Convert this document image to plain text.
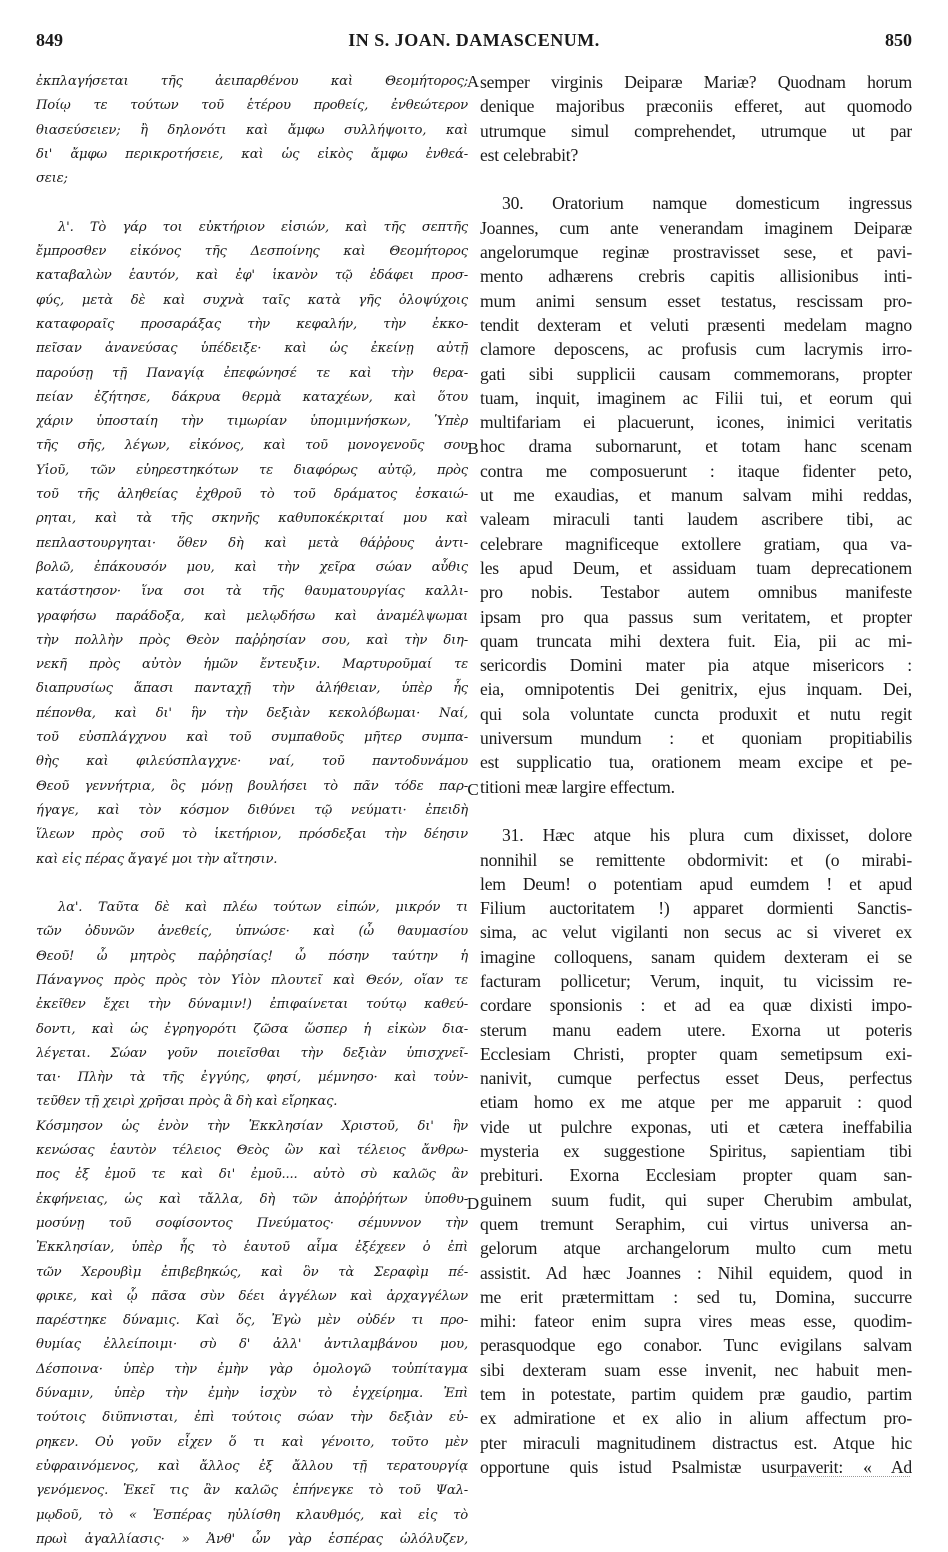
849	IN S. JOAN. DAMASCENUM.	850
ἐκπλαγήσεται τῆς ἀειπαρθένου καὶ Θεομήτορος;
Ποίῳ τε τούτων τοῦ ἑτέρου προθείς, ἐνθεώτερον
θιασεύσειεν; ἢ δηλονότι καὶ ἄμφω συλλήψοιτο, καὶ
δι' ἄμφω περικροτήσειε, καὶ ὡς εἰκὸς ἄμφω ἐνθεά-
σειε;
λ'. Τὸ γάρ τοι εὐκτήριον εἰσιών, καὶ τῆς σεπτῆς
ἔμπροσθεν εἰκόνος τῆς Δεσποίνης καὶ Θεομήτορος
καταβαλὼν ἑαυτόν, καὶ ἐφ' ἱκανὸν τῷ ἐδάφει προσ-
φύς, μετὰ δὲ καὶ συχνὰ ταῖς κατὰ γῆς ὁλοψύχοις
καταφοραῖς προσαράξας τὴν κεφαλήν, τὴν ἐκκο-
πεῖσαν ἀνανεύσας ὑπέδειξε· καὶ ὡς ἐκείνῃ αὐτῇ
παρούσῃ τῇ Παναγίᾳ ἐπεφώνησέ τε καὶ τὴν θερα-
πείαν ἐζήτησε, δάκρυα θερμὰ καταχέων, καὶ ὅτου
χάριν ὑποσταίη τὴν τιμωρίαν ὑπομιμνήσκων, Ὑπὲρ
τῆς σῆς, λέγων, εἰκόνος, καὶ τοῦ μονογενοῦς σου
Υἱοῦ, τῶν εὐηρεστηκότων τε διαφόρως αὐτῷ, πρὸς
τοῦ τῆς ἀληθείας ἐχθροῦ τὸ τοῦ δράματος ἐσκαιώ-
ρηται, καὶ τὰ τῆς σκηνῆς καθυποκέκριταί μου καὶ
πεπλαστουργηται· ὅθεν δὴ καὶ μετὰ θάῤῥους ἀντι-
βολῶ, ἐπάκουσόν μου, καὶ τὴν χεῖρα σώαν αὖθις
κατάστησον· ἵνα σοι τὰ τῆς θαυματουργίας καλλι-
γραφήσω παράδοξα, καὶ μελῳδήσω καὶ ἀναμέλψωμαι
τὴν πολλὴν πρὸς Θεὸν παῤῥησίαν σου, καὶ τὴν διη-
νεκῆ πρὸς αὐτὸν ἡμῶν ἔντευξιν. Μαρτυροῦμαί τε
διαπρυσίως ἅπασι πανταχῇ τὴν ἀλήθειαν, ὑπὲρ ἧς
πέπονθα, καὶ δι' ἣν τὴν δεξιὰν κεκολόβωμαι· Ναί,
τοῦ εὐσπλάγχνου καὶ τοῦ συμπαθοῦς μῆτερ συμπα-
θὴς καὶ φιλεύσπλαγχνε· ναί, τοῦ παντοδυνάμου
Θεοῦ γεννήτρια, ὃς μόνῃ βουλήσει τὸ πᾶν τόδε παρ-
ήγαγε, καὶ τὸν κόσμον διθύνει τῷ νεύματι· ἐπειδὴ
ἵλεων πρὸς σοῦ τὸ ἱκετήριον, πρόσδεξαι τὴν δέησιν
καὶ εἰς πέρας ἄγαγέ μοι τὴν αἴτησιν.
λα'. Ταῦτα δὲ καὶ πλέω τούτων εἰπών, μικρόν τι
τῶν ὀδυνῶν ἀνεθείς, ὑπνώσε· καὶ (ὦ θαυμασίου
Θεοῦ! ὦ μητρὸς παῤῥησίας! ὦ πόσην ταύτην ἡ
Πάναγνος πρὸς πρὸς τὸν Υἱὸν πλουτεῖ καὶ Θεόν, οἵαν τε
ἐκεῖθεν ἔχει τὴν δύναμιν!) ἐπιφαίνεται τούτῳ καθεύ-
δοντι, καὶ ὡς ἐγρηγορότι ζῶσα ὥσπερ ἡ εἰκὼν δια-
λέγεται. Σώαν γοῦν ποιεῖσθαι τὴν δεξιὰν ὑπισχνεῖ-
ται· Πλὴν τὰ τῆς ἐγγύης, φησί, μέμνησο· καὶ τοὐν-
τεῦθεν τῇ χειρὶ χρῆσαι πρὸς ἃ δὴ καὶ εἴρηκας.
Κόσμησον ὡς ἐνὸν τὴν Ἐκκλησίαν Χριστοῦ, δι' ἣν
κενώσας ἑαυτὸν τέλειος Θεὸς ὢν καὶ τέλειος ἄνθρω-
πος ἐξ ἐμοῦ τε καὶ δι' ἐμοῦ.... αὐτὸ σὺ καλῶς ἂν
ἐκφήνειας, ὡς καὶ τἄλλα, δὴ τῶν ἀποῤῥήτων ὑποθυ-
μοσύνῃ τοῦ σοφίσοντος Πνεύματος· σέμυννον τὴν
Ἐκκλησίαν, ὑπὲρ ἧς τὸ ἑαυτοῦ αἷμα ἐξέχεεν ὁ ἐπὶ
τῶν Χερουβὶμ ἐπιβεβηκώς, καὶ ὃν τὰ Σεραφὶμ πέ-
φρικε, καὶ ᾧ πᾶσα σὺν δέει ἀγγέλων καὶ ἀρχαγγέλων
παρέστηκε δύναμις. Καὶ ὅς, Ἐγὼ μὲν οὐδέν τι προ-
θυμίας ἐλλείποιμι· σὺ δ' ἀλλ' ἀντιλαμβάνου μου,
Δέσποινα· ὑπὲρ τὴν ἐμὴν γὰρ ὁμολογῶ τοὐπίταγμα
δύναμιν, ὑπὲρ τὴν ἐμὴν ἰσχὺν τὸ ἐγχείρημα. Ἐπὶ
τούτοις διϋπνισται, ἐπὶ τούτοις σώαν τὴν δεξιὰν εὑ-
ρηκεν. Οὐ γοῦν εἶχεν ὅ τι καὶ γένοιτο, τοῦτο μὲν
εὐφραινόμενος, καὶ ἄλλος ἐξ ἄλλου τῇ τερατουργίᾳ
γενόμενος. Ἐκεῖ τις ἂν καλῶς ἐπήνεγκε τὸ τοῦ Ψαλ-
μῳδοῦ, τὸ « Ἑσπέρας ηὐλίσθη κλαυθμός, καὶ εἰς τὸ
πρωὶ ἀγαλλίασις· » Ἀνθ' ὧν γὰρ ἑσπέρας ὠλόλυζεν,
A
B
C
D
semper virginis Deiparæ Mariæ? Quodnam horum
denique majoribus præconiis efferet, aut quomodo
utrumque simul comprehendet, utrumque ut par
est celebrabit?
30. Oratorium namque domesticum ingressus
Joannes, cum ante venerandam imaginem Deiparæ
angelorumque reginæ prostravisset sese, et pavi-
mento adhærens crebris capitis allisionibus inti-
mum animi sensum esset testatus, rescissam pro-
tendit dexteram et veluti præsenti medelam magno
clamore deposcens, ac profusis cum lacrymis irro-
gati sibi supplicii causam commemorans, propter
tuam, inquit, imaginem ac Filii tui, et eorum qui
multifariam ei placuerunt, icones, inimici veritatis
hoc drama subornarunt, et totam hanc scenam
contra me composuerunt : itaque fidenter peto,
ut me exaudias, et manum salvam mihi reddas,
valeam miraculi tanti laudem ascribere tibi, ac
celebrare magnificeque extollere gratiam, qua va-
les apud Deum, et assiduam tuam deprecationem
pro nobis. Testabor autem omnibus manifeste
ipsam pro qua passus sum veritatem, et propter
quam truncata mihi dextera fuit. Eia, pii ac mi-
sericordis Domini mater pia atque misericors :
eia, omnipotentis Dei genitrix, ejus inquam. Dei,
qui sola voluntate cuncta produxit et nutu regit
universum mundum : et quoniam propitiabilis
est supplicatio tua, orationem meam excipe et pe-
titioni meæ largire effectum.
31. Hæc atque his plura cum dixisset, dolore
nonnihil se remittente obdormivit: et (o mirabi-
lem Deum! o potentiam apud eumdem ! et apud
Filium auctoritatem !) apparet dormienti Sanctis-
sima, ac velut vigilanti non secus ac si viveret ex
imagine colloquens, sanam quidem dexteram ei se
facturam pollicetur; Verum, inquit, tu vicissim re-
cordare sponsionis : et ad ea quæ dixisti impo-
sterum manu eadem utere. Exorna ut poteris
Ecclesiam Christi, propter quam semetipsum exi-
nanivit, cumque perfectus esset Deus, perfectus
etiam homo ex me atque per me apparuit : quod
vide ut pulchre exponas, uti et cætera ineffabilia
mysteria ex suggestione Spiritus, sapientiam tibi
prebituri. Exorna Ecclesiam propter quam san-
guinem suum fudit, qui super Cherubim ambulat,
quem tremunt Seraphim, cui virtus universa an-
gelorum atque archangelorum multo cum metu
assistit. Ad hæc Joannes : Nihil equidem, quod in
me erit prætermittam : sed tu, Domina, succurre
mihi: fateor enim supra vires meas esse, quodim-
perasquodque ego conabor. Tunc evigilans salvam
sibi dexteram suam esse invenit, nec habuit men-
tem in potestate, partim quidem præ gaudio, partim
ex admiratione et ex alio in alium affectum pro-
pter miraculi magnitudinem distractus est. Atque hic
opportune quis istud Psalmistæ usurpaverit: « Ad
